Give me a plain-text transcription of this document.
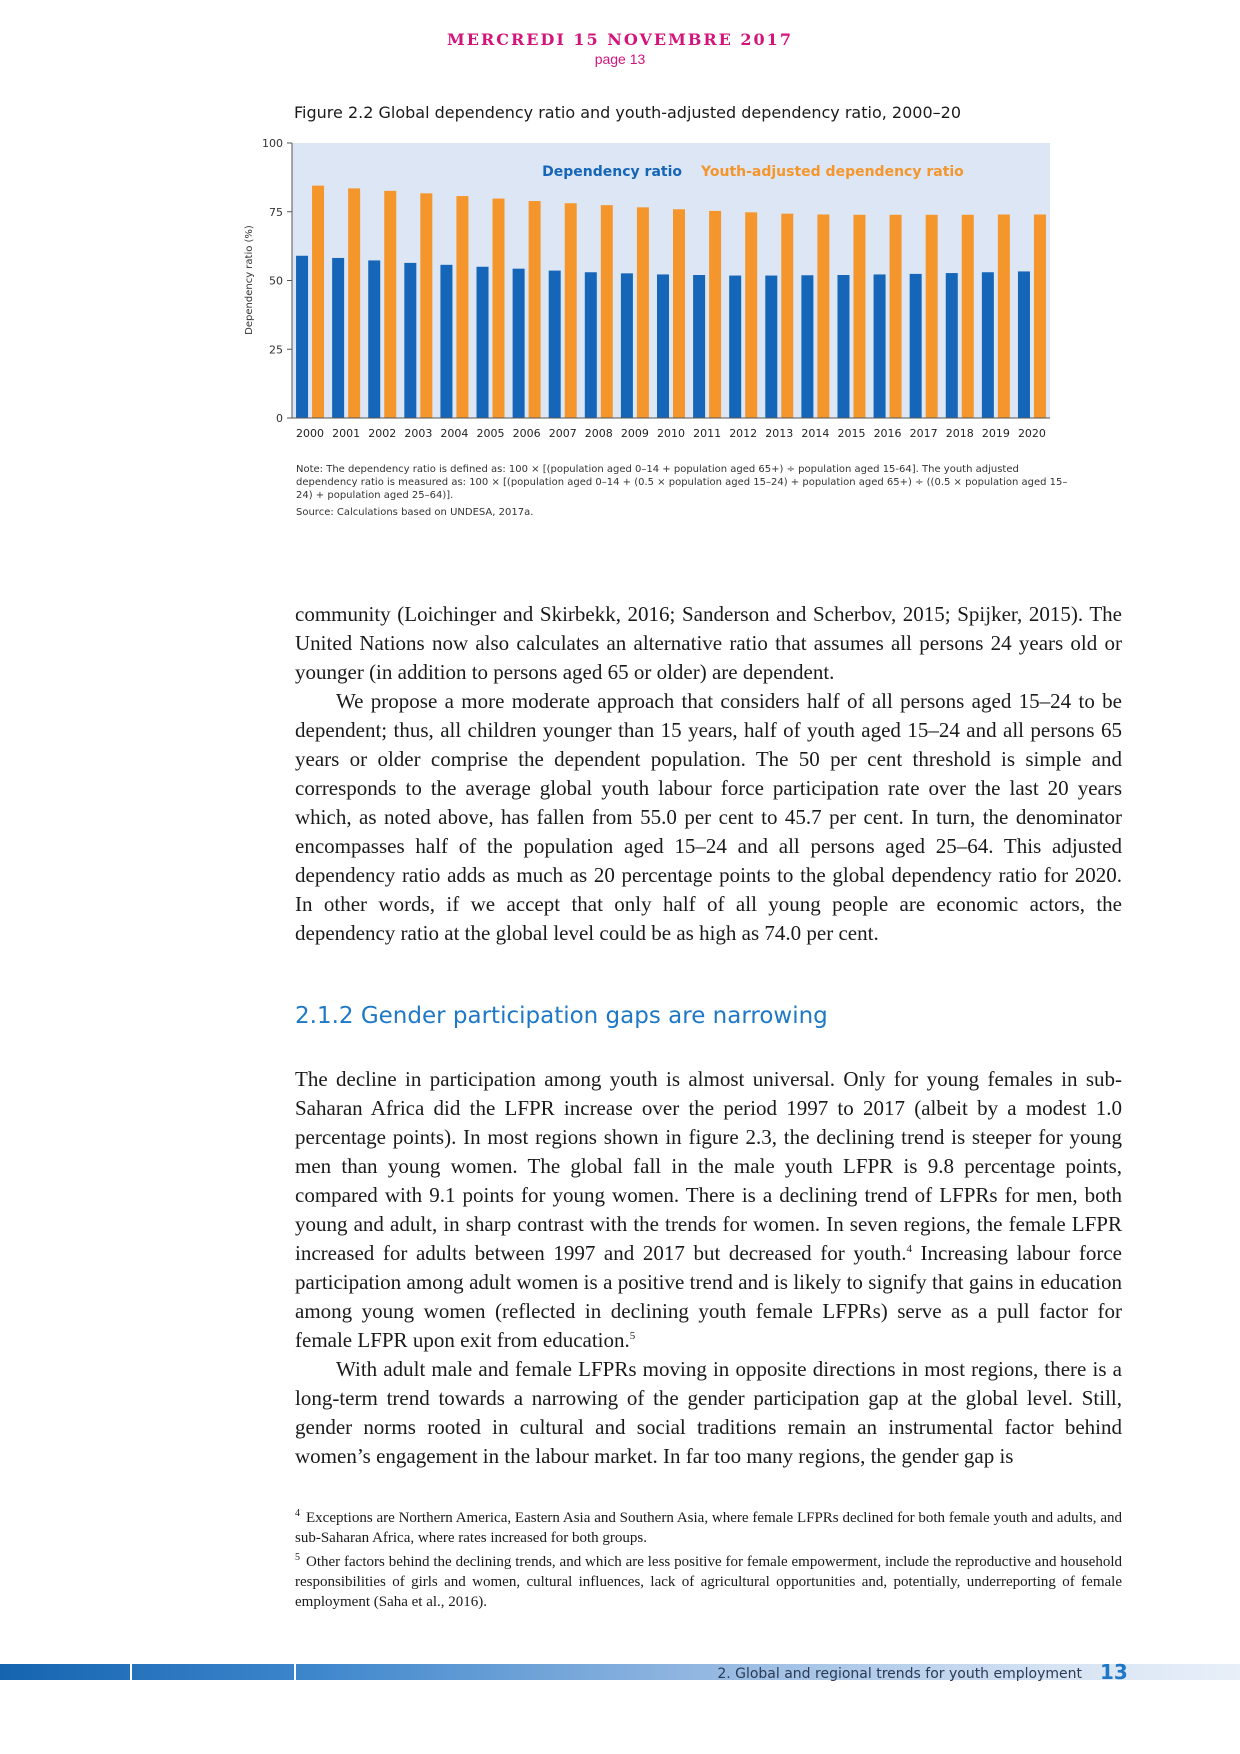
MERCREDI 15 NOVEMBRE 2017
page 13
Figure 2.2 Global dependency ratio and youth-adjusted dependency ratio, 2000–20
0
25
50
75
100
2000 2001 2002 2003 2004 2005 2006 2007 2008 2009 2010 2011 2012 2013 2014 2015 2016 2017 2018 2019 2020
Dependency ratio (%)
Dependency ratio Youth-adjusted dependency ratio

Note: The dependency ratio is defined as: 100 × [(population aged 0–14 + population aged 65+) ÷ population aged 15-64]. The youth adjusted dependency ratio is measured as: 100 × [(population aged 0–14 + (0.5 × population aged 15–24) + population aged 65+) ÷ ((0.5 × population aged 15–24) + population aged 25–64)].

Source: Calculations based on UNDESA, 2017a.

community (Loichinger and Skirbekk, 2016; Sanderson and Scherbov, 2015; Spijker, 2015). The United Nations now also calculates an alternative ratio that assumes all persons 24 years old or younger (in addition to persons aged 65 or older) are dependent.

We propose a more moderate approach that considers half of all persons aged 15–24 to be dependent; thus, all children younger than 15 years, half of youth aged 15–24 and all persons 65 years or older comprise the dependent population. The 50 per cent threshold is simple and corresponds to the average global youth labour force participation rate over the last 20 years which, as noted above, has fallen from 55.0 per cent to 45.7 per cent. In turn, the denominator encompasses half of the population aged 15–24 and all persons aged 25–64. This adjusted dependency ratio adds as much as 20 percentage points to the global dependency ratio for 2020. In other words, if we accept that only half of all young people are economic actors, the dependency ratio at the global level could be as high as 74.0 per cent.

2.1.2 Gender participation gaps are narrowing

The decline in participation among youth is almost universal. Only for young females in sub-Saharan Africa did the LFPR increase over the period 1997 to 2017 (albeit by a modest 1.0 percentage points). In most regions shown in figure 2.3, the declining trend is steeper for young men than young women. The global fall in the male youth LFPR is 9.8 percentage points, compared with 9.1 points for young women. There is a declining trend of LFPRs for men, both young and adult, in sharp contrast with the trends for women. In seven regions, the female LFPR increased for adults between 1997 and 2017 but decreased for youth.$^4$ Increasing labour force participation among adult women is a positive trend and is likely to signify that gains in education among young women (reflected in declining youth female LFPRs) serve as a pull factor for female LFPR upon exit from education.$^5$

With adult male and female LFPRs moving in opposite directions in most regions, there is a long-term trend towards a narrowing of the gender participation gap at the global level. Still, gender norms rooted in cultural and social traditions remain an instrumental factor behind women’s engagement in the labour market. In far too many regions, the gender gap is

$^4$ Exceptions are Northern America, Eastern Asia and Southern Asia, where female LFPRs declined for both female youth and adults, and sub-Saharan Africa, where rates increased for both groups.

$^5$ Other factors behind the declining trends, and which are less positive for female empowerment, include the reproductive and household responsibilities of girls and women, cultural influences, lack of agricultural opportunities and, potentially, underreporting of female employment (Saha et al., 2016).

2. Global and regional trends for youth employment 13
